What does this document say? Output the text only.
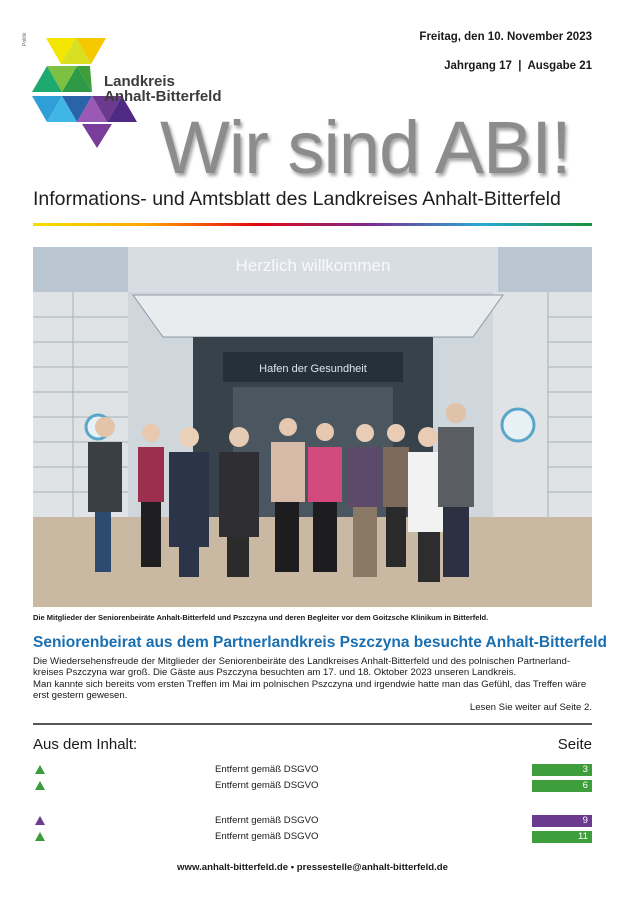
Politik
Landkreis
Anhalt-Bitterfeld
Freitag, den 10. November 2023
Jahrgang 17  |  Ausgabe 21
Wir sind ABI!
Informations- und Amtsblatt des Landkreises Anhalt-Bitterfeld
Herzlich willkommen
Hafen der Gesundheit
Die Mitglieder der Seniorenbeiräte Anhalt-Bitterfeld und Pszczyna und deren Begleiter vor dem Goitzsche Klinikum in Bitterfeld.
Seniorenbeirat aus dem Partnerlandkreis Pszczyna besuchte Anhalt-Bitterfeld
Die Wiedersehensfreude der Mitglieder der Seniorenbeiräte des Landkreises Anhalt-Bitterfeld und des polnischen Partnerlandkreises Pszczyna war groß. Die Gäste aus Pszczyna besuchten am 17. und 18. Oktober 2023 unseren Landkreis.
Man kannte sich bereits vom ersten Treffen im Mai im polnischen Pszczyna und irgendwie hatte man das Gefühl, das Treffen wäre erst gestern gewesen.
Lesen Sie weiter auf Seite 2.
Aus dem Inhalt:	Seite
Entfernt gemäß DSGVO	3
Entfernt gemäß DSGVO	6
Entfernt gemäß DSGVO	9
Entfernt gemäß DSGVO	11
www.anhalt-bitterfeld.de • pressestelle@anhalt-bitterfeld.de
